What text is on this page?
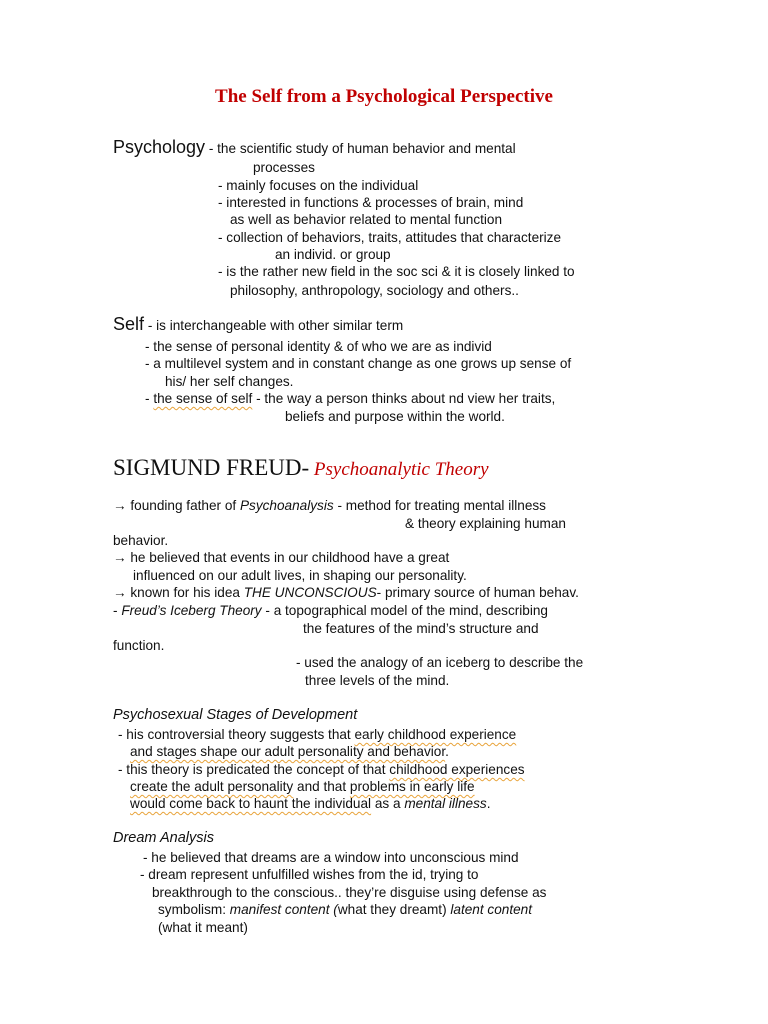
The Self from a Psychological Perspective
Psychology - the scientific study of human behavior and mental
processes
- mainly focuses on the individual
- interested in functions & processes of brain, mind
as well as behavior related to mental function
- collection of behaviors, traits, attitudes that characterize
an individ. or group
- is the rather new field in the soc sci & it is closely linked to
philosophy, anthropology, sociology and others..
Self - is interchangeable with other similar term
- the sense of personal identity & of who we are as individ
- a multilevel system and in constant change as one grows up sense of
his/ her self changes.
- the sense of self - the way a person thinks about nd view her traits,
beliefs and purpose within the world.
SIGMUND FREUD- Psychoanalytic Theory
→ founding father of Psychoanalysis - method for treating mental illness
& theory explaining human
behavior.
→ he believed that events in our childhood have a great
influenced on our adult lives, in shaping our personality.
→ known for his idea THE UNCONSCIOUS- primary source of human behav.
- Freud’s Iceberg Theory - a topographical model of the mind, describing
the features of the mind’s structure and
function.
- used the analogy of an iceberg to describe the
three levels of the mind.
Psychosexual Stages of Development
- his controversial theory suggests that early childhood experience
and stages shape our adult personality and behavior.
- this theory is predicated the concept of that childhood experiences
create the adult personality and that problems in early life
would come back to haunt the individual as a mental illness.
Dream Analysis
- he believed that dreams are a window into unconscious mind
- dream represent unfulfilled wishes from the id, trying to
breakthrough to the conscious.. they’re disguise using defense as
symbolism: manifest content (what they dreamt) latent content
(what it meant)
